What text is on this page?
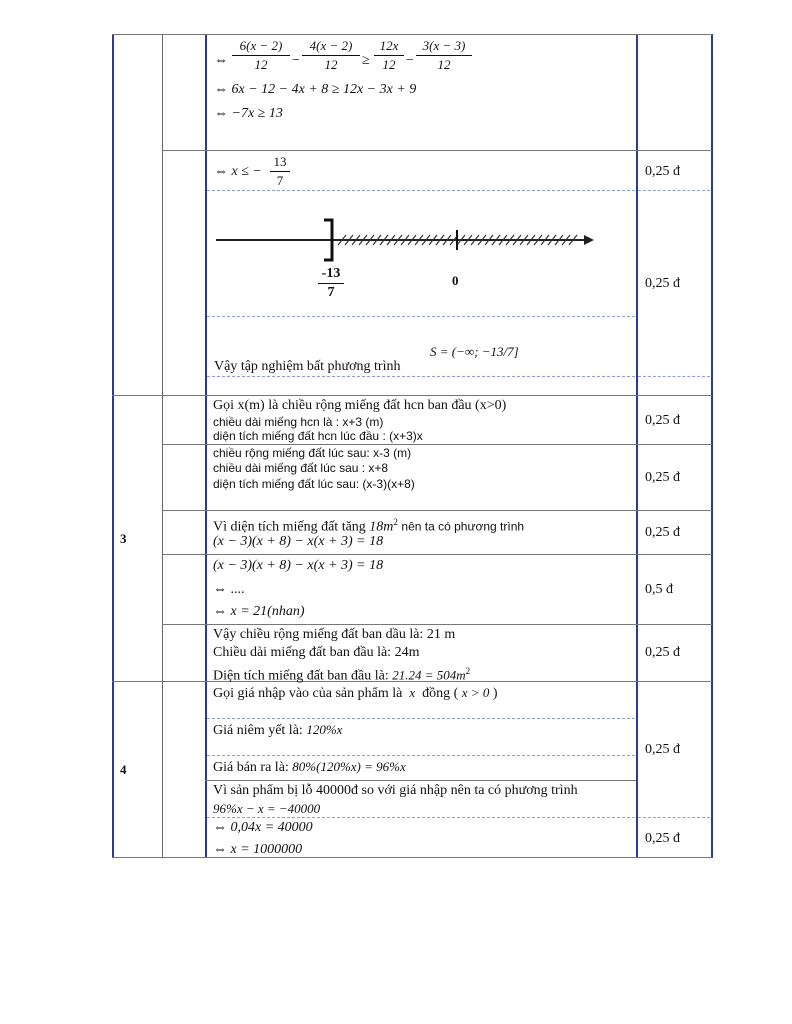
⇔
6(x − 2)
12	−
4(x − 2)
12	≥
12x
12 −
3(x − 3)
12
⇔ 6x − 12 − 4x + 8 ≥ 12x − 3x + 9
⇔ −7x ≥ 13
⇔ x ≤ −
13
7
0,25 đ
-13
7
0	0,25 đ
Vậy tập nghiệm bất phương trình
S = (−∞; −13/7]
3
Gọi x(m) là chiều rộng miếng đất hcn ban đầu (x>0)
chiều dài miếng hcn là : x+3 (m)
diện tích miếng đất hcn lúc đầu : (x+3)x
0,25 đ
chiều rộng miếng đất lúc sau: x-3 (m)
chiều dài miếng đất lúc sau : x+8
diện tích miếng đất lúc sau: (x-3)(x+8)	0,25 đ
Vì diện tích miếng đất tăng $18m^2$ nên ta có phương trình
(x − 3)(x + 8) − x(x + 3) = 18
0,25 đ
(x − 3)(x + 8) − x(x + 3) = 18
⇔ ....
⇔ x = 21(nhan)
0,5 đ
Vậy chiều rộng miếng đất ban dầu là: 21 m
Chiều dài miếng đất ban đầu là: 24m
Diện tích miếng đất ban đầu là: $21.24 = 504m^2$
0,25 đ
4
Gọi giá nhập vào của sản phẩm là x đồng ( x > 0 )
Giá niêm yết là: 120%x
Giá bán ra là: 80%(120%x) = 96%x
0,25 đ
Vì sản phẩm bị lỗ 40000đ so với giá nhập nên ta có phương trình
96%x − x = −40000
⇔ 0,04x = 40000
⇔ x = 1000000
0,25 đ
